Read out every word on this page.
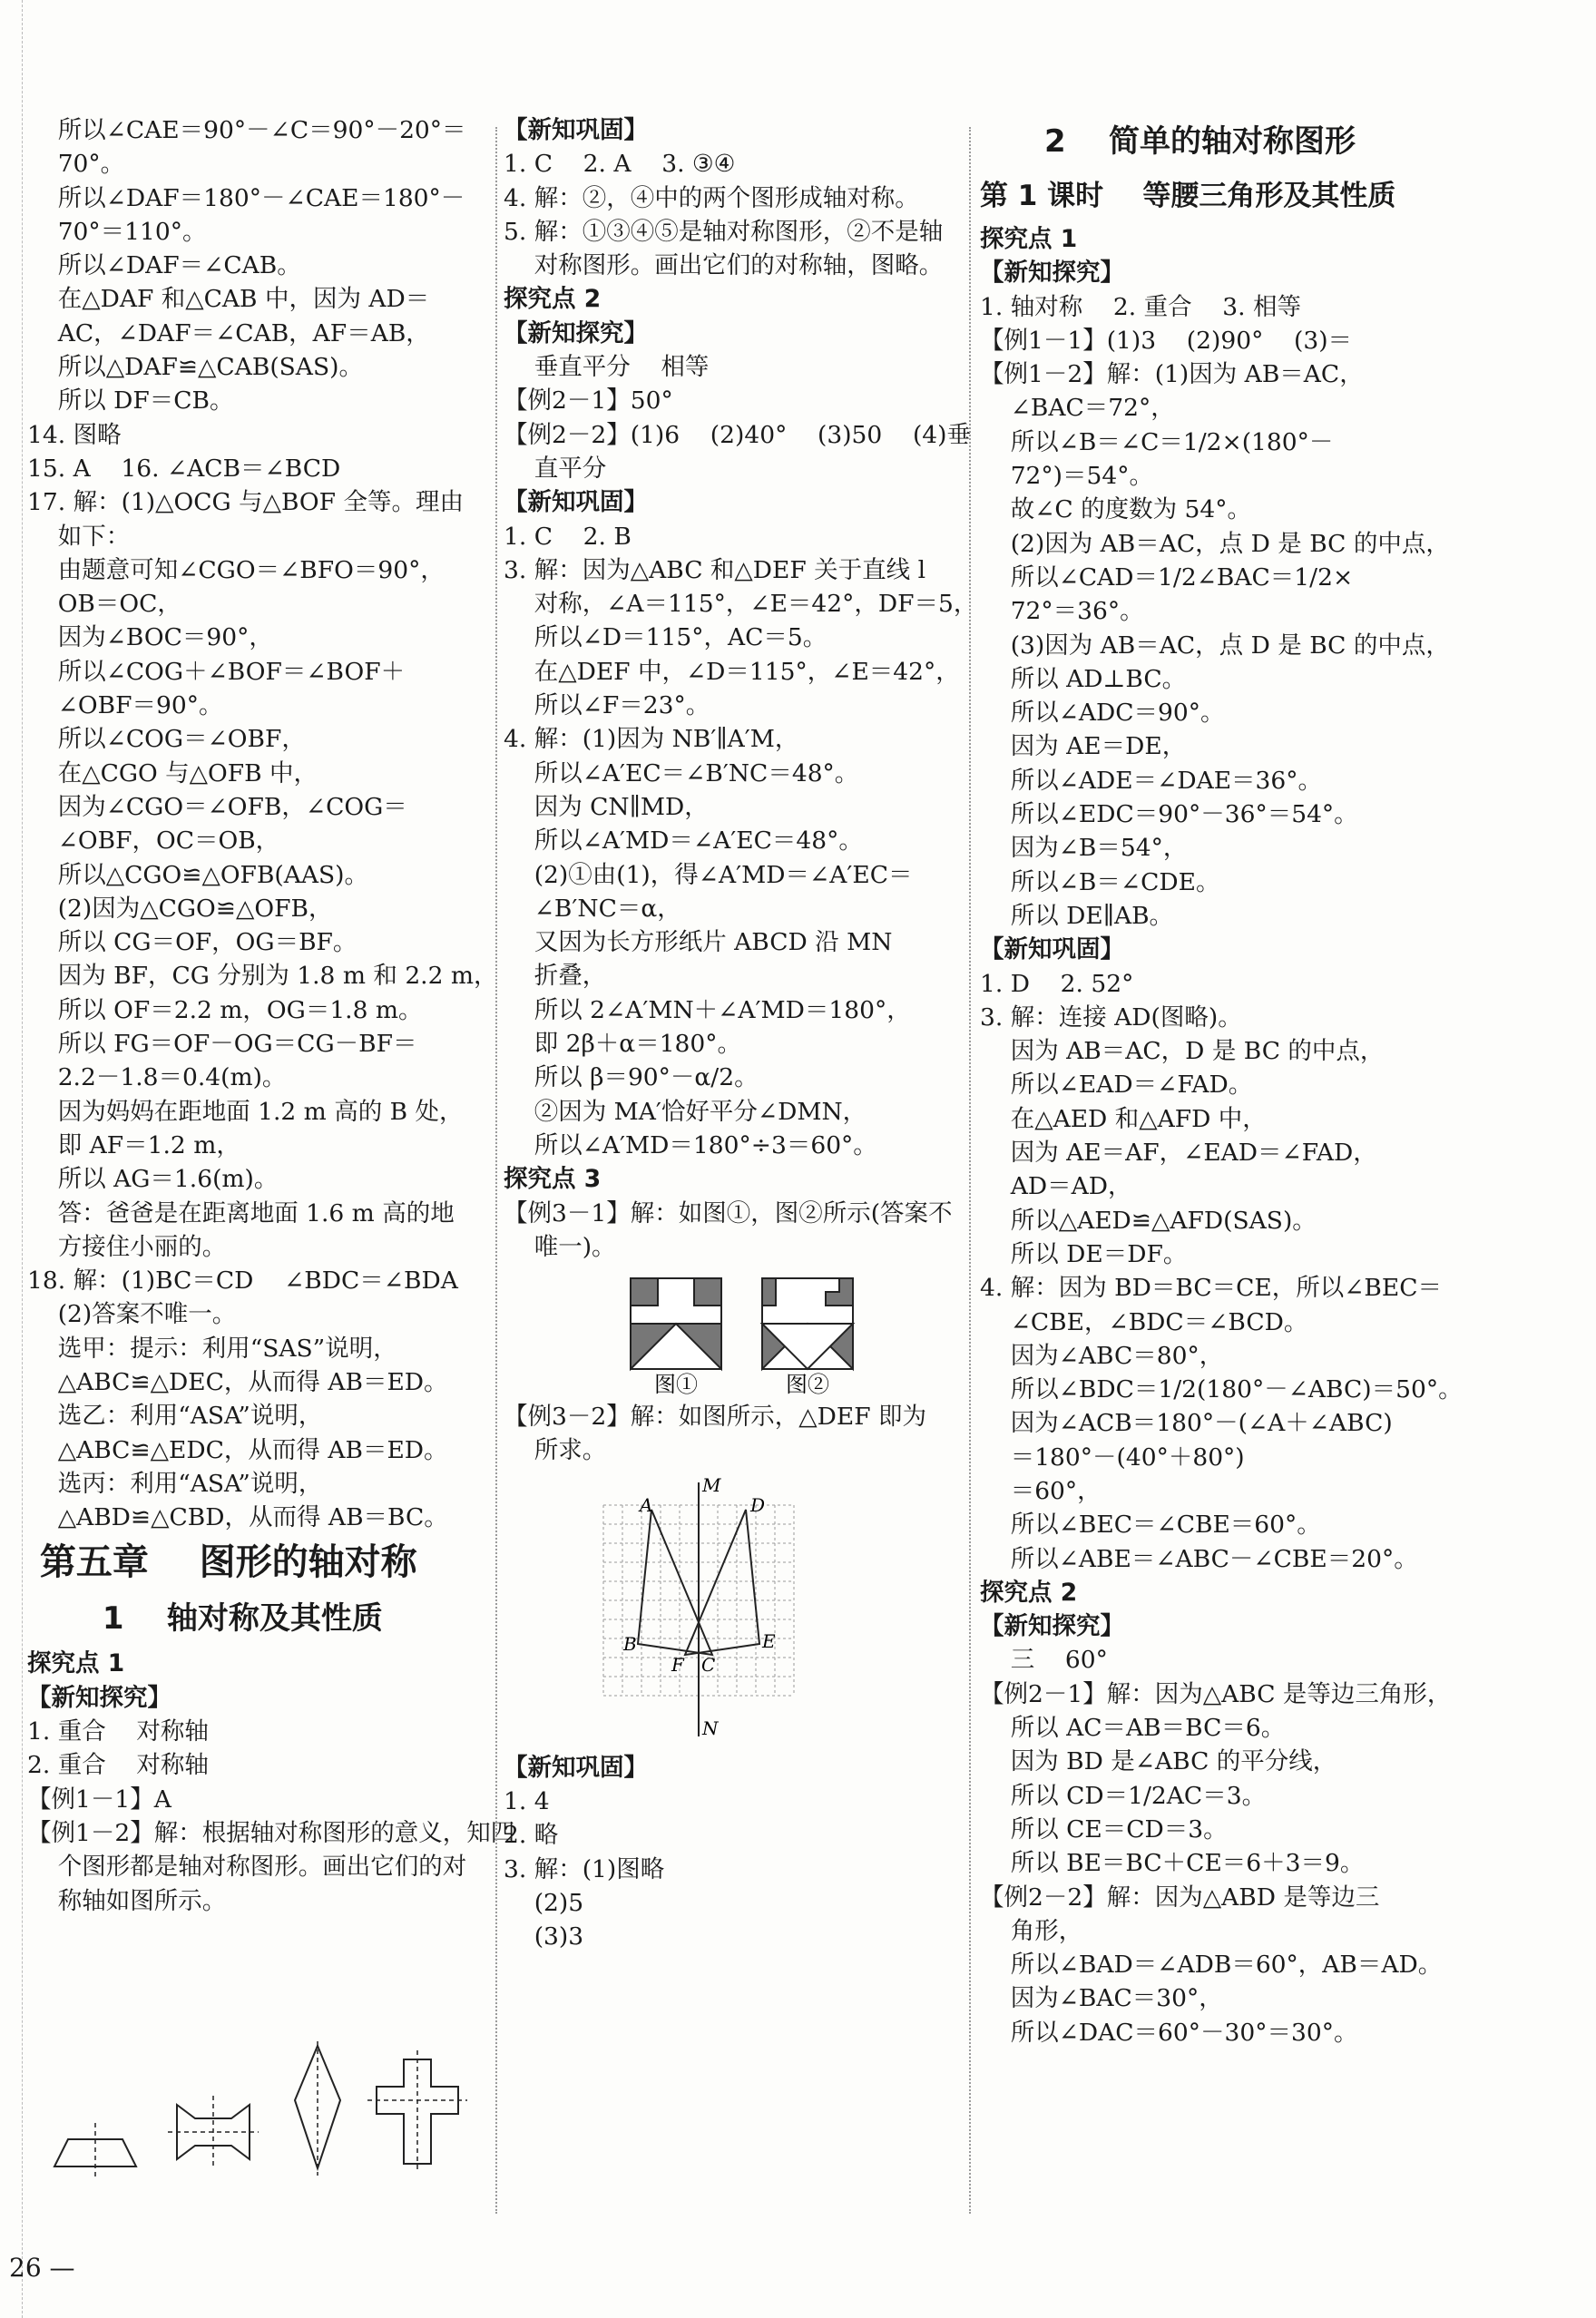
所以∠CAE＝90°－∠C＝90°－20°＝
70°。
所以∠DAF＝180°－∠CAE＝180°－
70°＝110°。
所以∠DAF＝∠CAB。
在△DAF 和△CAB 中，因为 AD＝
AC，∠DAF＝∠CAB，AF＝AB，
所以△DAF≌△CAB(SAS)。
所以 DF＝CB。
14. 图略
15. A    16. ∠ACB＝∠BCD
17. 解：(1)△OCG 与△BOF 全等。理由
如下：
由题意可知∠CGO＝∠BFO＝90°，
OB＝OC，
因为∠BOC＝90°，
所以∠COG＋∠BOF＝∠BOF＋
∠OBF＝90°。
所以∠COG＝∠OBF，
在△CGO 与△OFB 中，
因为∠CGO＝∠OFB，∠COG＝
∠OBF，OC＝OB，
所以△CGO≌△OFB(AAS)。
(2)因为△CGO≌△OFB，
所以 CG＝OF，OG＝BF。
因为 BF，CG 分别为 1.8 m 和 2.2 m，
所以 OF＝2.2 m，OG＝1.8 m。
所以 FG＝OF－OG＝CG－BF＝
2.2－1.8＝0.4(m)。
因为妈妈在距地面 1.2 m 高的 B 处，
即 AF＝1.2 m，
所以 AG＝1.6(m)。
答：爸爸是在距离地面 1.6 m 高的地
方接住小丽的。
18. 解：(1)BC＝CD    ∠BDC＝∠BDA
(2)答案不唯一。
选甲：提示：利用“SAS”说明，
△ABC≌△DEC，从而得 AB＝ED。
选乙：利用“ASA”说明，
△ABC≌△EDC，从而得 AB＝ED。
选丙：利用“ASA”说明，
△ABD≌△CBD，从而得 AB＝BC。
第五章    图形的轴对称
1    轴对称及其性质
探究点 1
【新知探究】
1. 重合    对称轴
2. 重合    对称轴
【例1－1】A
【例1－2】解：根据轴对称图形的意义，知四
个图形都是轴对称图形。画出它们的对
称轴如图所示。
【新知巩固】
1. C    2. A    3. ③④
4. 解：②，④中的两个图形成轴对称。
5. 解：①③④⑤是轴对称图形，②不是轴
对称图形。画出它们的对称轴，图略。
探究点 2
【新知探究】
垂直平分    相等
【例2－1】50°
【例2－2】(1)6    (2)40°    (3)50    (4)垂
直平分
【新知巩固】
1. C    2. B
3. 解：因为△ABC 和△DEF 关于直线 l
对称，∠A＝115°，∠E＝42°，DF＝5，
所以∠D＝115°，AC＝5。
在△DEF 中，∠D＝115°，∠E＝42°，
所以∠F＝23°。
4. 解：(1)因为 NB′∥A′M，
所以∠A′EC＝∠B′NC＝48°。
因为 CN∥MD，
所以∠A′MD＝∠A′EC＝48°。
(2)①由(1)，得∠A′MD＝∠A′EC＝
∠B′NC＝α，
又因为长方形纸片 ABCD 沿 MN
折叠，
所以 2∠A′MN＋∠A′MD＝180°，
即 2β＋α＝180°。
所以 β＝90°－α/2。
②因为 MA′恰好平分∠DMN，
所以∠A′MD＝180°÷3＝60°。
探究点 3
【例3－1】解：如图①，图②所示(答案不
唯一)。
图①	图②
【例3－2】解：如图所示，△DEF 即为
所求。
M
N
A	D
B	E
F C
【新知巩固】
1. 4
2. 略
3. 解：(1)图略
(2)5
(3)3
2    简单的轴对称图形
第 1 课时    等腰三角形及其性质
探究点 1
【新知探究】
1. 轴对称    2. 重合    3. 相等
【例1－1】(1)3    (2)90°    (3)＝
【例1－2】解：(1)因为 AB＝AC，
∠BAC＝72°，
所以∠B＝∠C＝1/2×(180°－
72°)＝54°。
故∠C 的度数为 54°。
(2)因为 AB＝AC，点 D 是 BC 的中点，
所以∠CAD＝1/2∠BAC＝1/2×
72°＝36°。
(3)因为 AB＝AC，点 D 是 BC 的中点，
所以 AD⊥BC。
所以∠ADC＝90°。
因为 AE＝DE，
所以∠ADE＝∠DAE＝36°。
所以∠EDC＝90°－36°＝54°。
因为∠B＝54°，
所以∠B＝∠CDE。
所以 DE∥AB。
【新知巩固】
1. D    2. 52°
3. 解：连接 AD(图略)。
因为 AB＝AC，D 是 BC 的中点，
所以∠EAD＝∠FAD。
在△AED 和△AFD 中，
因为 AE＝AF，∠EAD＝∠FAD，
AD＝AD，
所以△AED≌△AFD(SAS)。
所以 DE＝DF。
4. 解：因为 BD＝BC＝CE，所以∠BEC＝
∠CBE，∠BDC＝∠BCD。
因为∠ABC＝80°，
所以∠BDC＝1/2(180°－∠ABC)＝50°。
因为∠ACB＝180°－(∠A＋∠ABC)
＝180°－(40°＋80°)
＝60°，
所以∠BEC＝∠CBE＝60°。
所以∠ABE＝∠ABC－∠CBE＝20°。
探究点 2
【新知探究】
三    60°
【例2－1】解：因为△ABC 是等边三角形，
所以 AC＝AB＝BC＝6。
因为 BD 是∠ABC 的平分线，
所以 CD＝1/2AC＝3。
所以 CE＝CD＝3。
所以 BE＝BC＋CE＝6＋3＝9。
【例2－2】解：因为△ABD 是等边三
角形，
所以∠BAD＝∠ADB＝60°，AB＝AD。
因为∠BAC＝30°，
所以∠DAC＝60°－30°＝30°。
26 —
